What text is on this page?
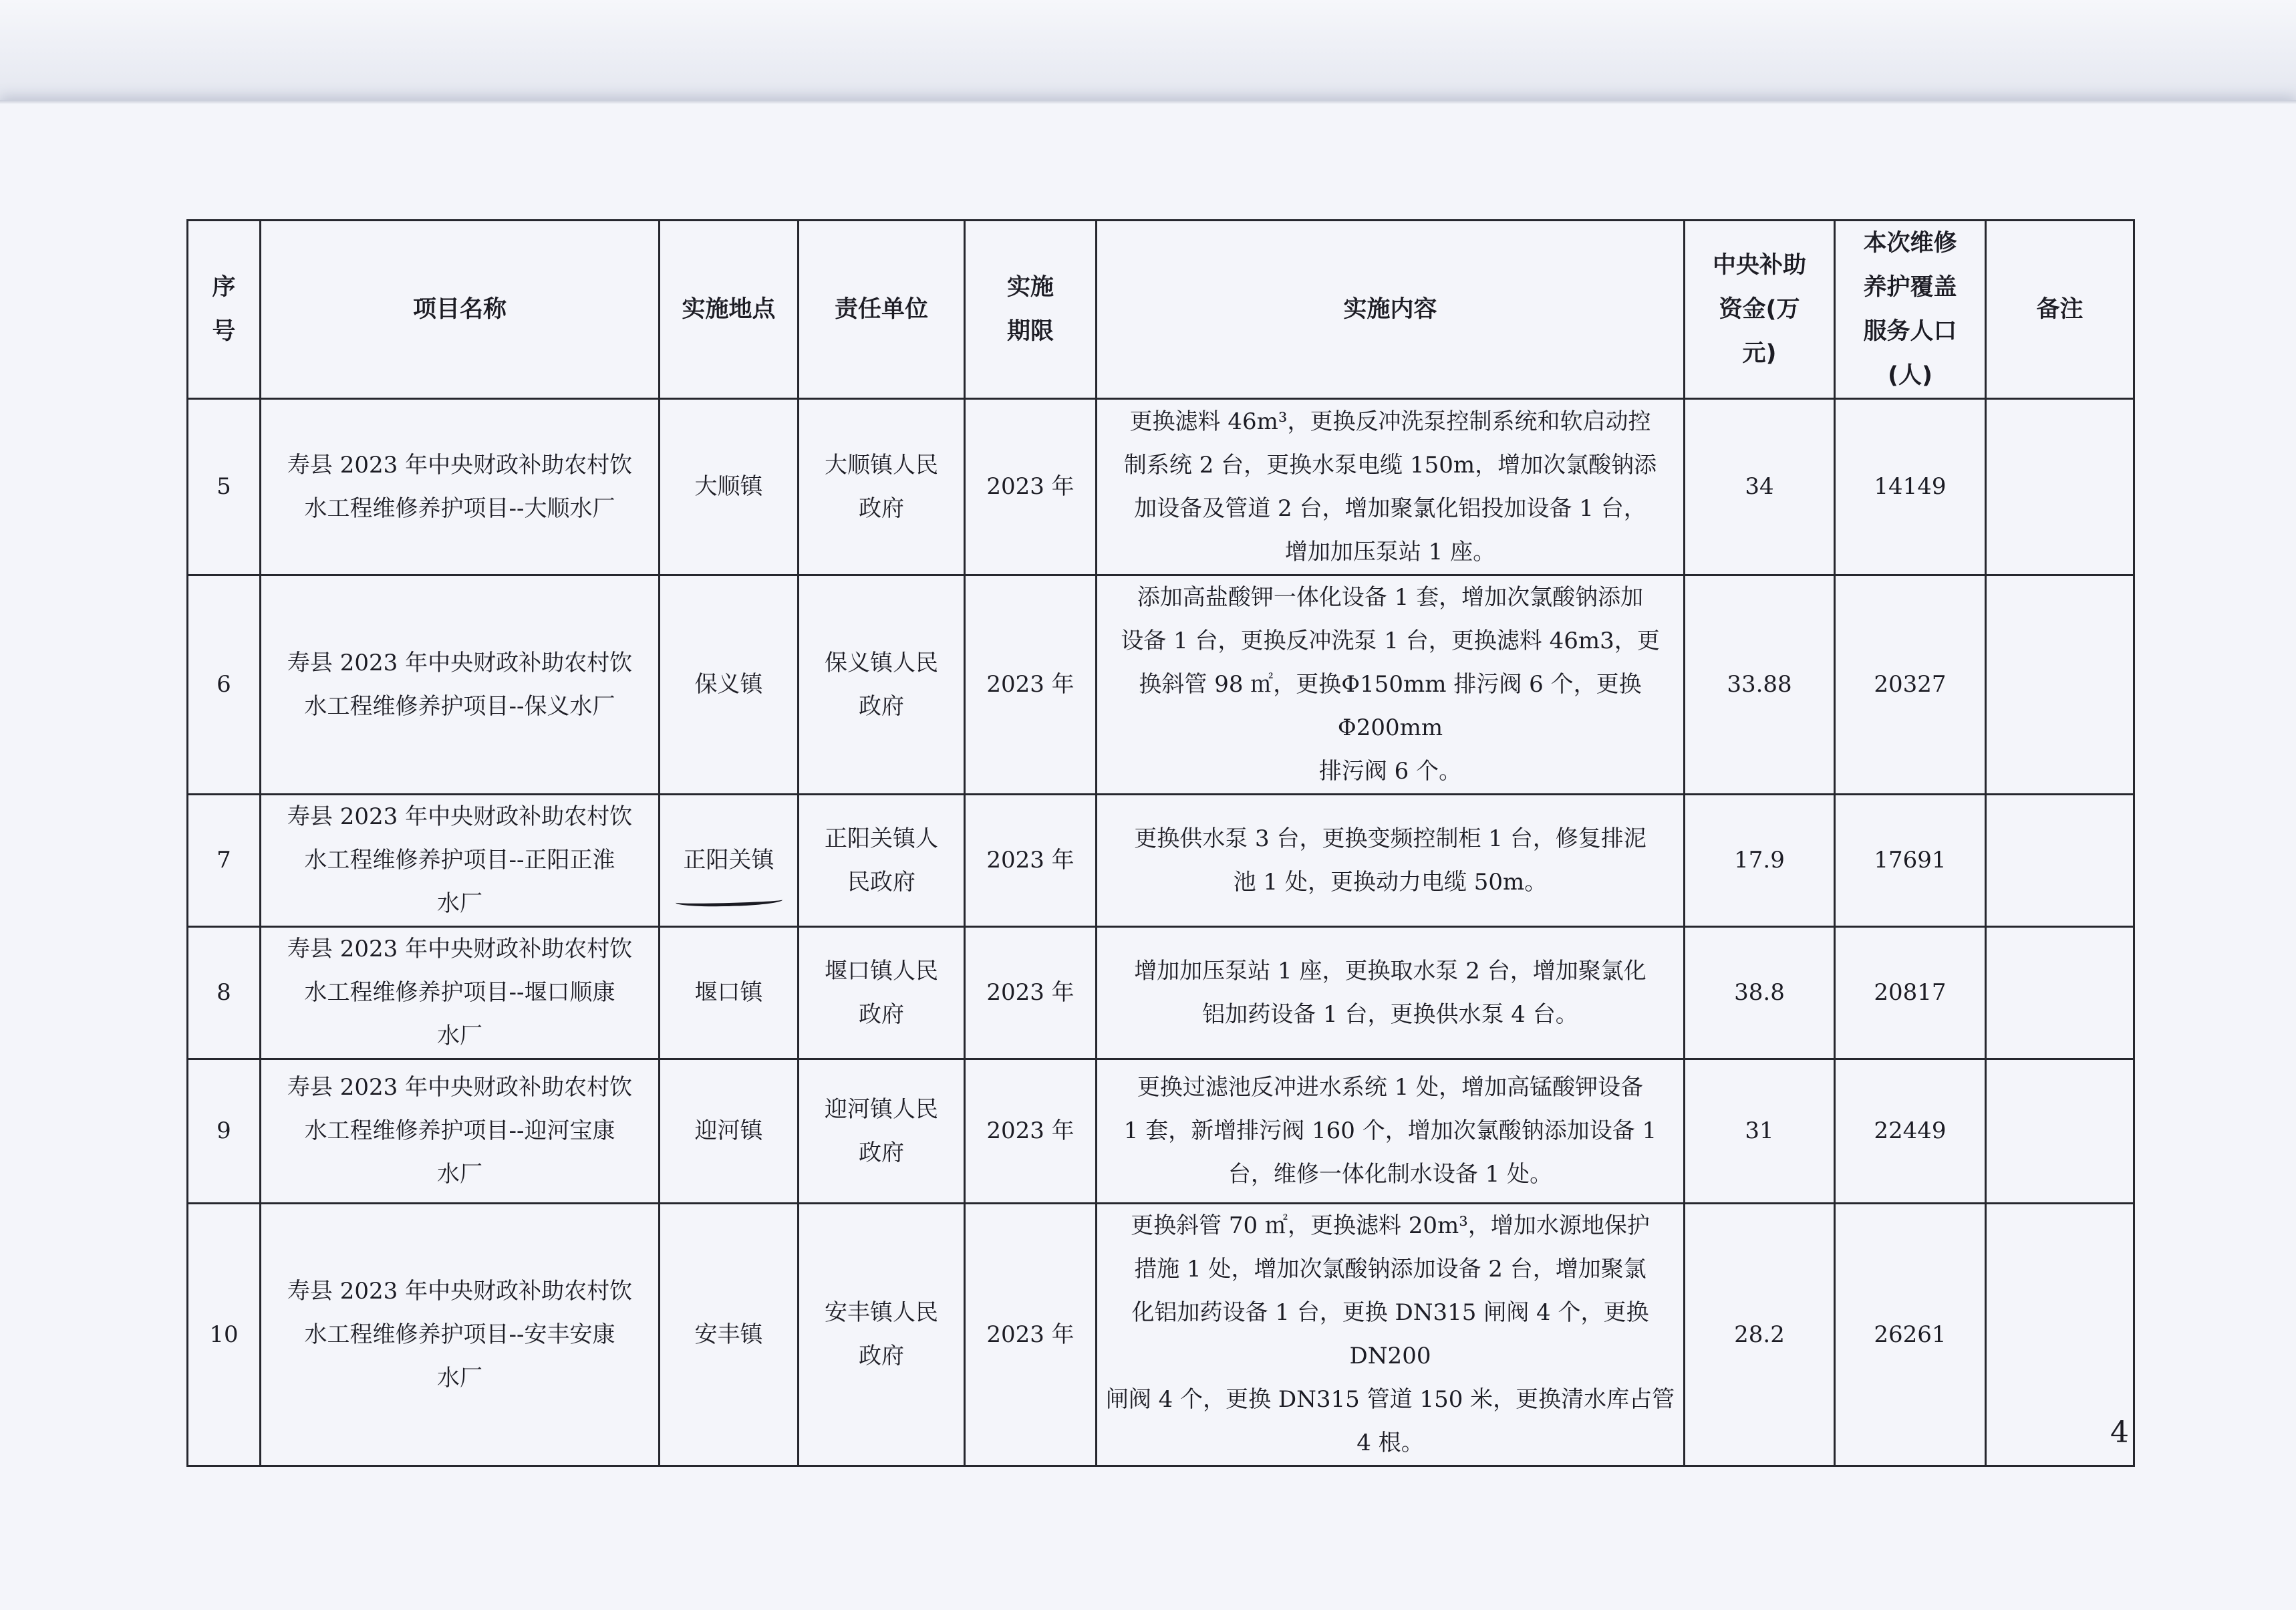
序
号	项目名称	实施地点	责任单位	实施
期限	实施内容	中央补助
资金(万
元)	本次维修
养护覆盖
服务人口
(人)	备注
5	寿县 2023 年中央财政补助农村饮
水工程维修养护项目--大顺水厂	大顺镇	大顺镇人民
政府	2023 年	更换滤料 46m³，更换反冲洗泵控制系统和软启动控
制系统 2 台，更换水泵电缆 150m，增加次氯酸钠添
加设备及管道 2 台，增加聚氯化铝投加设备 1 台，
增加加压泵站 1 座。	34	14149	
6	寿县 2023 年中央财政补助农村饮
水工程维修养护项目--保义水厂	保义镇	保义镇人民
政府	2023 年	添加高盐酸钾一体化设备 1 套，增加次氯酸钠添加
设备 1 台，更换反冲洗泵 1 台，更换滤料 46m3，更
换斜管 98 ㎡，更换Φ150mm 排污阀 6 个，更换Φ200mm
排污阀 6 个。	33.88	20327	
7	寿县 2023 年中央财政补助农村饮
水工程维修养护项目--正阳正淮
水厂	正阳关镇	正阳关镇人
民政府	2023 年	更换供水泵 3 台，更换变频控制柜 1 台，修复排泥
池 1 处，更换动力电缆 50m。	17.9	17691	
8	寿县 2023 年中央财政补助农村饮
水工程维修养护项目--堰口顺康
水厂	堰口镇	堰口镇人民
政府	2023 年	增加加压泵站 1 座，更换取水泵 2 台，增加聚氯化
铝加药设备 1 台，更换供水泵 4 台。	38.8	20817	
9	寿县 2023 年中央财政补助农村饮
水工程维修养护项目--迎河宝康
水厂	迎河镇	迎河镇人民
政府	2023 年	更换过滤池反冲进水系统 1 处，增加高锰酸钾设备
1 套，新增排污阀 160 个，增加次氯酸钠添加设备 1
台，维修一体化制水设备 1 处。	31	22449	
10	寿县 2023 年中央财政补助农村饮
水工程维修养护项目--安丰安康
水厂	安丰镇	安丰镇人民
政府	2023 年	更换斜管 70 ㎡，更换滤料 20m³，增加水源地保护
措施 1 处，增加次氯酸钠添加设备 2 台，增加聚氯
化铝加药设备 1 台，更换 DN315 闸阀 4 个，更换 DN200
闸阀 4 个，更换 DN315 管道 150 米，更换清水库占管
4 根。	28.2	26261	
4
